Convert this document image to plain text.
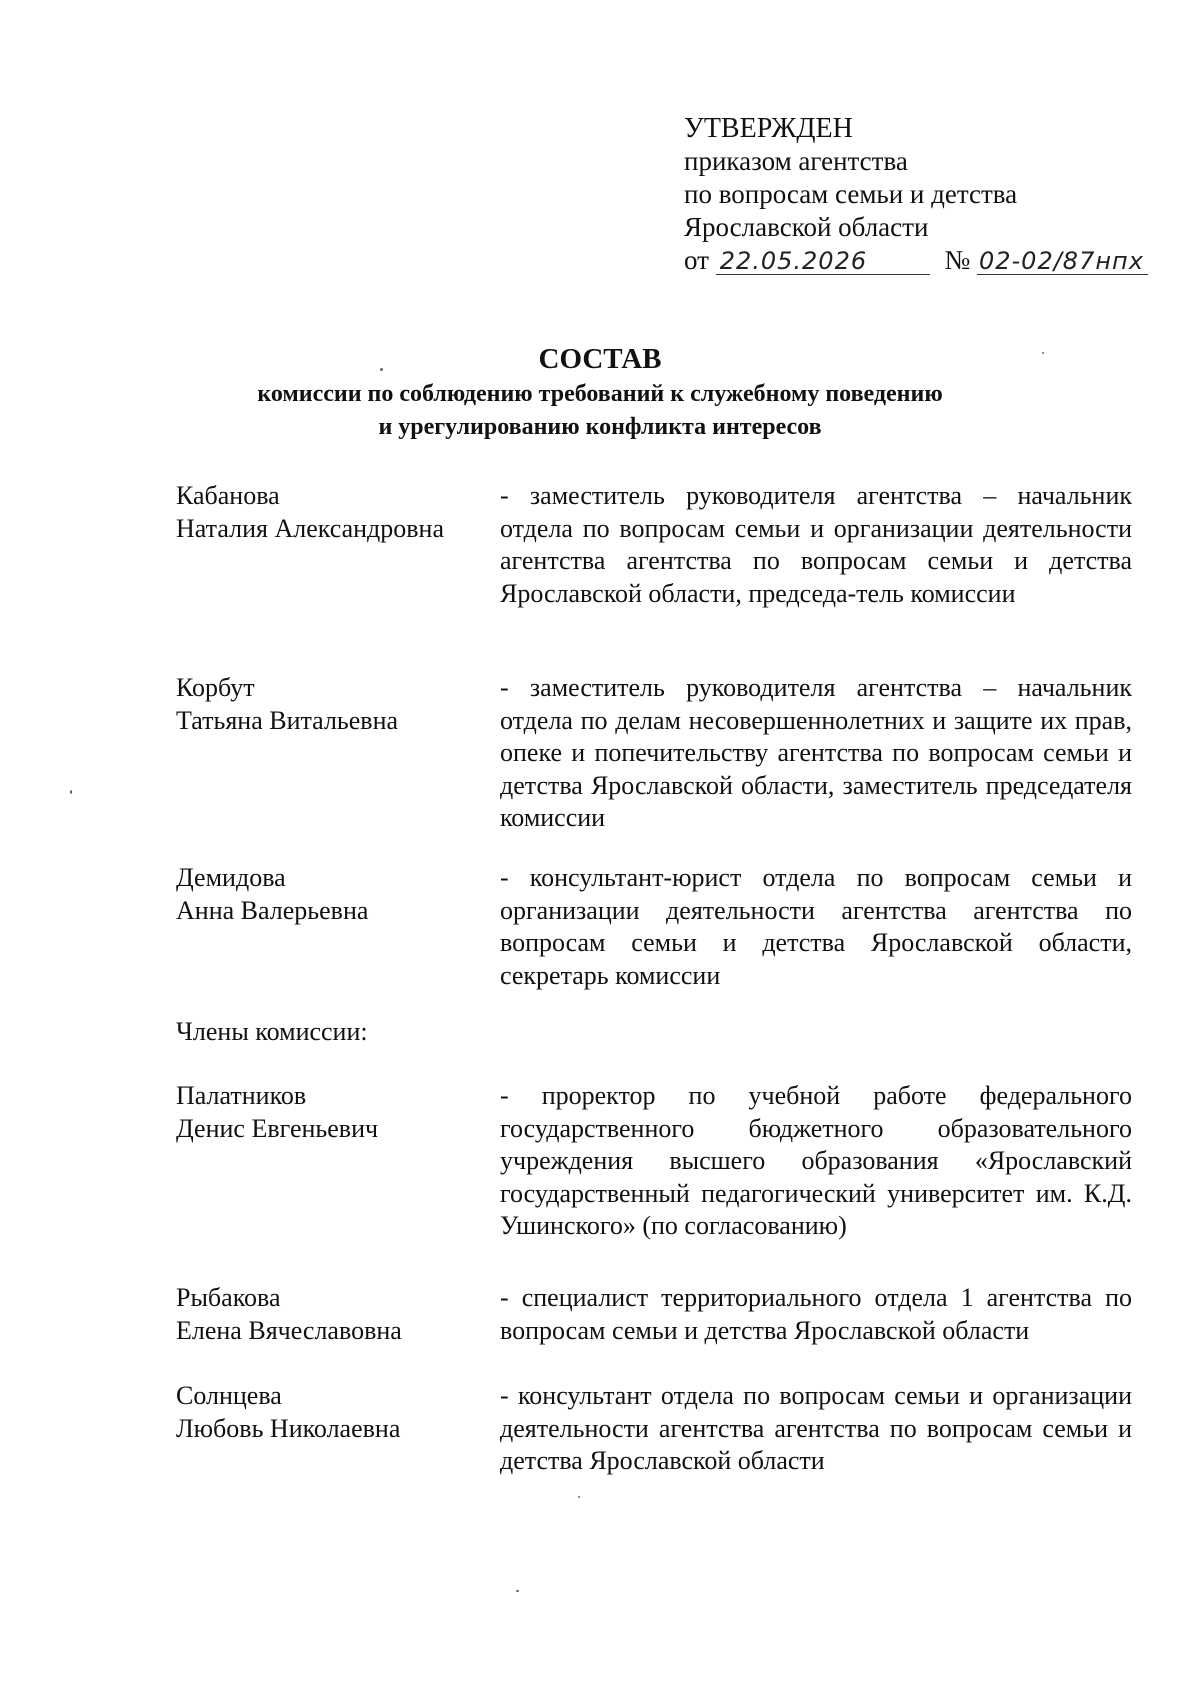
УТВЕРЖДЕН
приказом агентства
по вопросам семьи и детства
Ярославской области
от 22.05.2026	№ 02-02/87нпх
СОСТАВ
комиссии по соблюдению требований к служебному поведению
и урегулированию конфликта интересов
Кабанова
Наталия Александровна
- заместитель руководителя агентства – начальник отдела по вопросам семьи и организации деятельности агентства агентства по вопросам семьи и детства Ярославской области, председа-тель комиссии
Корбут
Татьяна Витальевна
- заместитель руководителя агентства – начальник отдела по делам несовершеннолетних и защите их прав, опеке и попечительству агентства по вопросам семьи и детства Ярославской области, заместитель председателя комиссии
Демидова
Анна Валерьевна
- консультант-юрист отдела по вопросам семьи и организации деятельности агентства агентства по вопросам семьи и детства Ярославской области, секретарь комиссии
Члены комиссии:
Палатников
Денис Евгеньевич
- проректор по учебной работе федерального государственного бюджетного образовательного учреждения высшего образования «Ярославский государственный педагогический университет им. К.Д. Ушинского» (по согласованию)
Рыбакова
Елена Вячеславовна
- специалист территориального отдела 1 агентства по вопросам семьи и детства Ярославской области
Солнцева
Любовь Николаевна
- консультант отдела по вопросам семьи и организации деятельности агентства агентства по вопросам семьи и детства Ярославской области
